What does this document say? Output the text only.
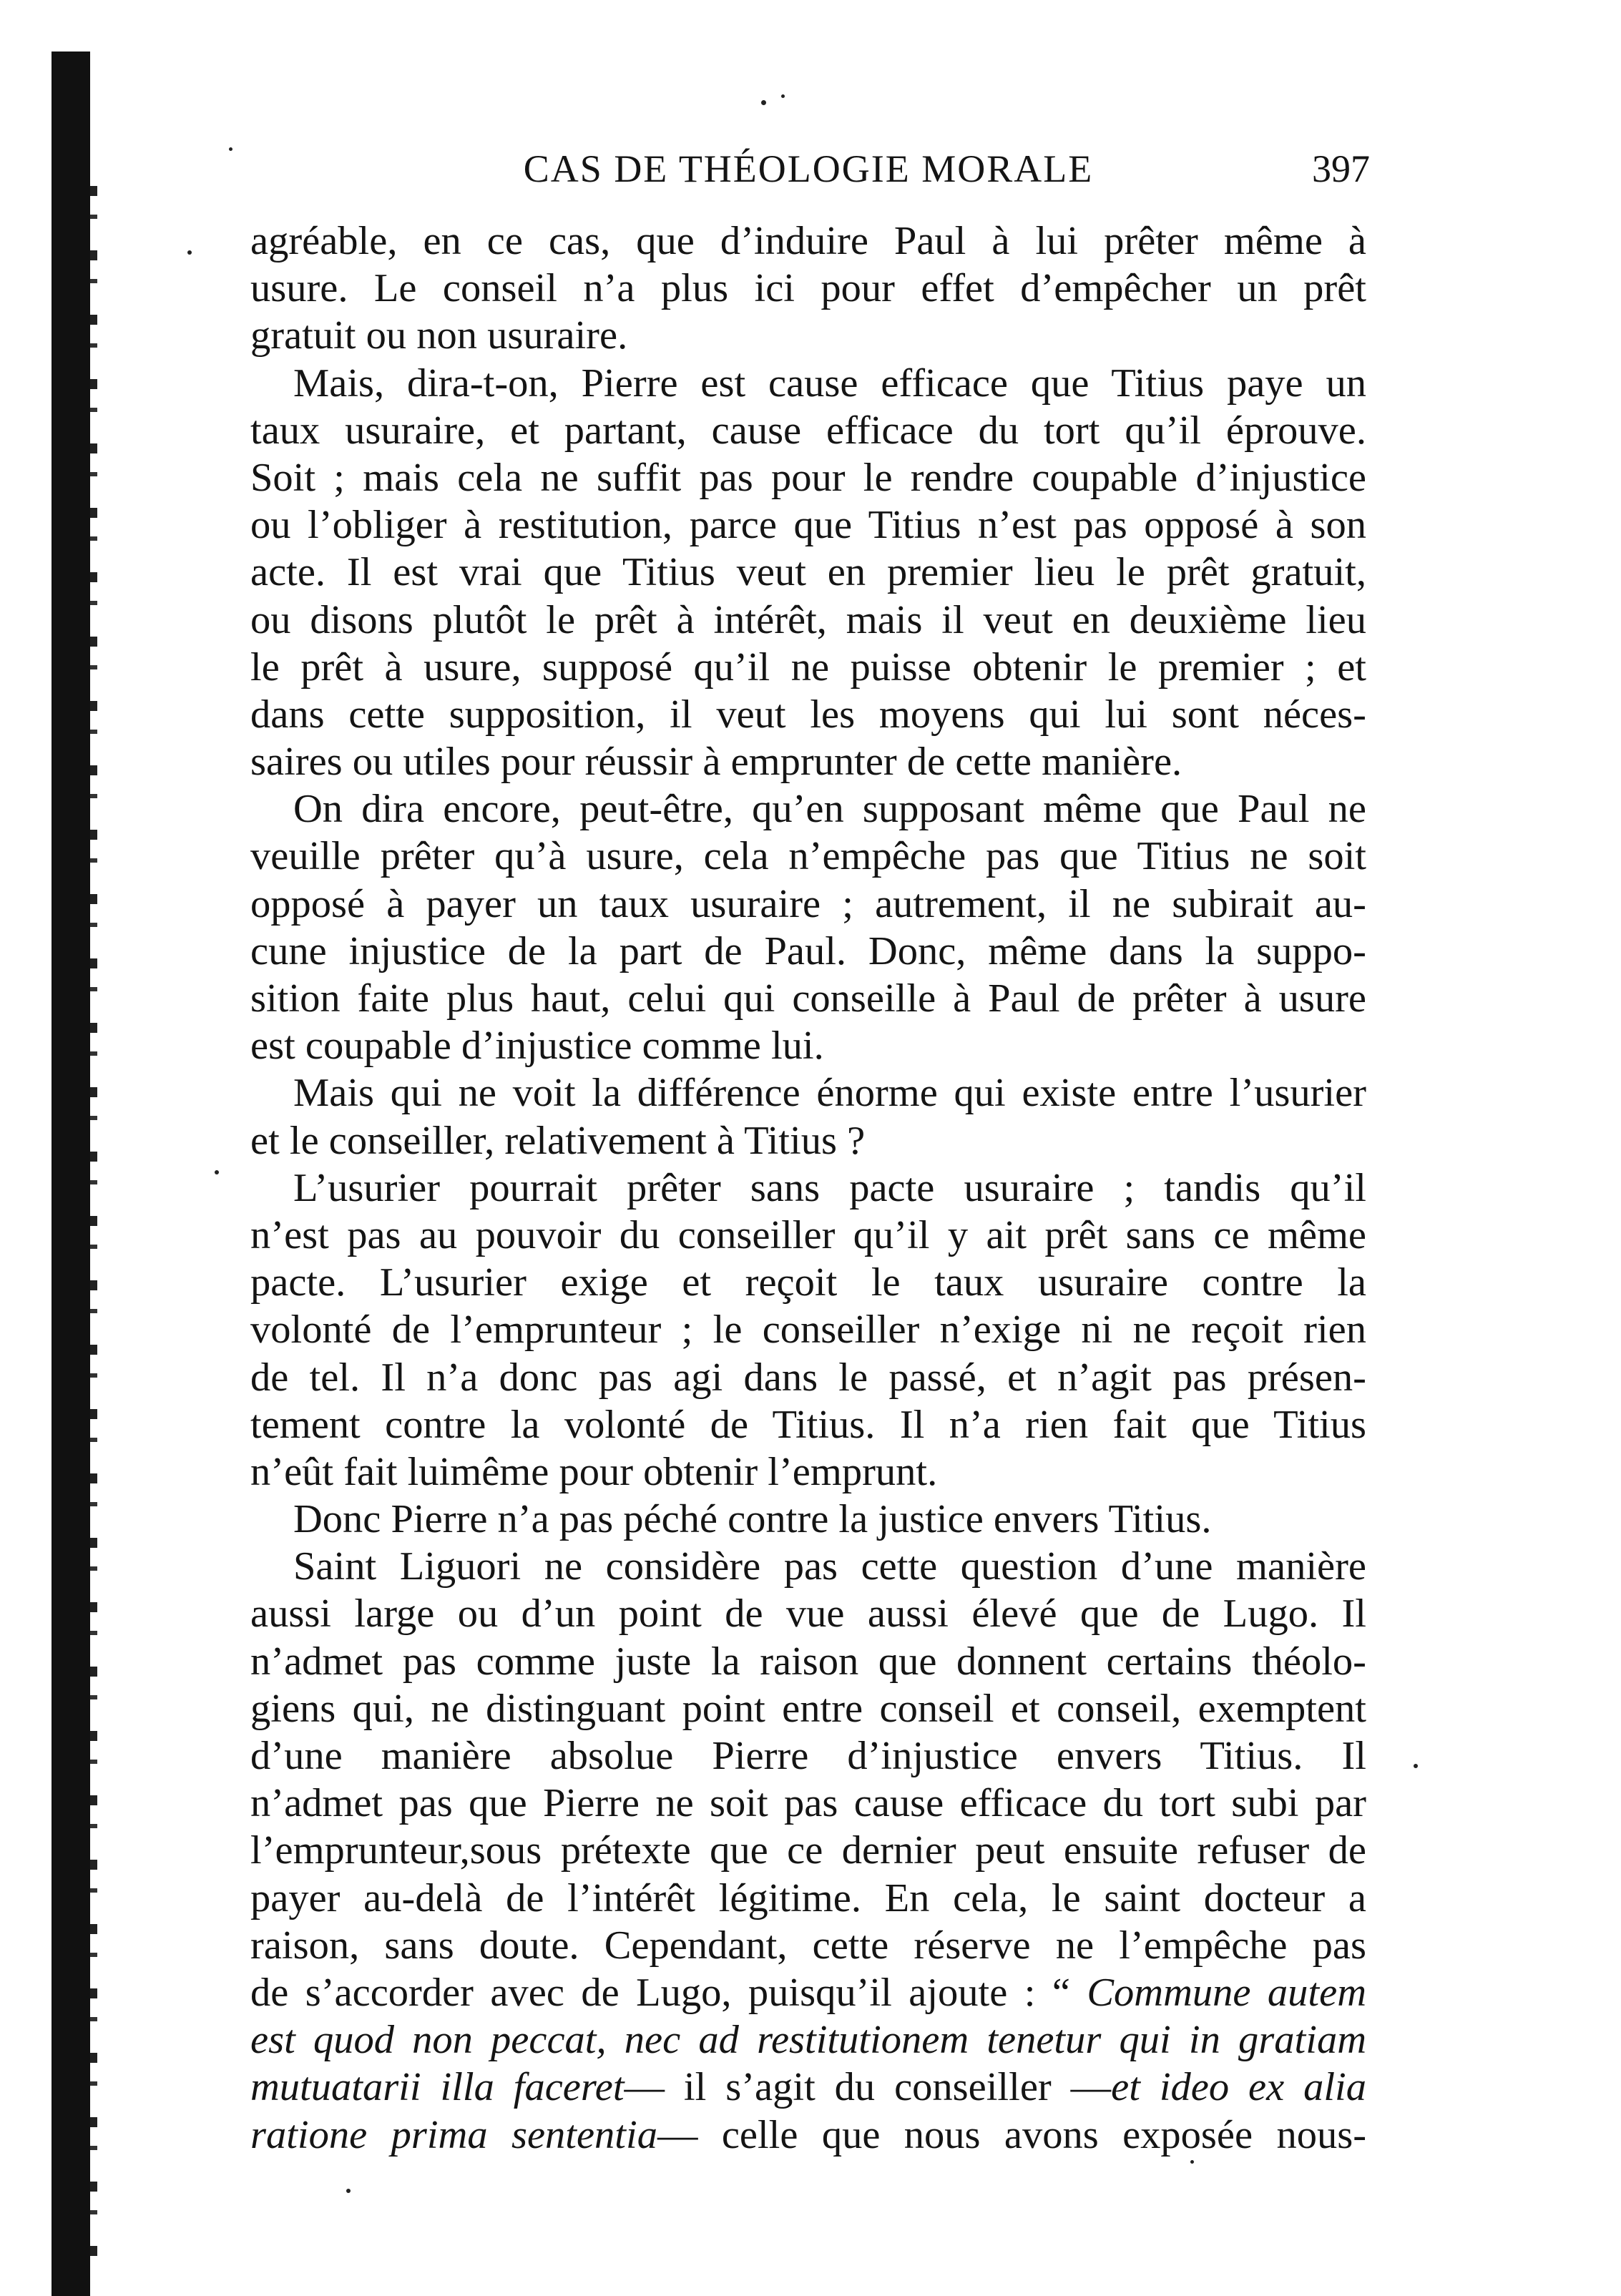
CAS DE THÉOLOGIE MORALE	397
agréable, en ce cas, que d’induire Paul à lui prêter même à
usure. Le conseil n’a plus ici pour effet d’empêcher un prêt
gratuit ou non usuraire.
Mais, dira-t-on, Pierre est cause efficace que Titius paye un
taux usuraire, et partant, cause efficace du tort qu’il éprouve.
Soit ; mais cela ne suffit pas pour le rendre coupable d’injustice
ou l’obliger à restitution, parce que Titius n’est pas opposé à son
acte. Il est vrai que Titius veut en premier lieu le prêt gratuit,
ou disons plutôt le prêt à intérêt, mais il veut en deuxième lieu
le prêt à usure, supposé qu’il ne puisse obtenir le premier ; et
dans cette supposition, il veut les moyens qui lui sont néces-
saires ou utiles pour réussir à emprunter de cette manière.
On dira encore, peut-être, qu’en supposant même que Paul ne
veuille prêter qu’à usure, cela n’empêche pas que Titius ne soit
opposé à payer un taux usuraire ; autrement, il ne subirait au-
cune injustice de la part de Paul. Donc, même dans la suppo-
sition faite plus haut, celui qui conseille à Paul de prêter à usure
est coupable d’injustice comme lui.
Mais qui ne voit la différence énorme qui existe entre l’usurier
et le conseiller, relativement à Titius ?
L’usurier pourrait prêter sans pacte usuraire ; tandis qu’il
n’est pas au pouvoir du conseiller qu’il y ait prêt sans ce même
pacte. L’usurier exige et reçoit le taux usuraire contre la
volonté de l’emprunteur ; le conseiller n’exige ni ne reçoit rien
de tel. Il n’a donc pas agi dans le passé, et n’agit pas présen-
tement contre la volonté de Titius. Il n’a rien fait que Titius
n’eût fait luimême pour obtenir l’emprunt.
Donc Pierre n’a pas péché contre la justice envers Titius.
Saint Liguori ne considère pas cette question d’une manière
aussi large ou d’un point de vue aussi élevé que de Lugo. Il
n’admet pas comme juste la raison que donnent certains théolo-
giens qui, ne distinguant point entre conseil et conseil, exemptent
d’une manière absolue Pierre d’injustice envers Titius. Il
n’admet pas que Pierre ne soit pas cause efficace du tort subi par
l’emprunteur,sous prétexte que ce dernier peut ensuite refuser de
payer au-delà de l’intérêt légitime. En cela, le saint docteur a
raison, sans doute. Cependant, cette réserve ne l’empêche pas
de s’accorder avec de Lugo, puisqu’il ajoute : “ Commune autem
est quod non peccat, nec ad restitutionem tenetur qui in gratiam
mutuatarii illa faceret— il s’agit du conseiller —et ideo ex alia
ratione prima sententia— celle que nous avons exposée nous-
